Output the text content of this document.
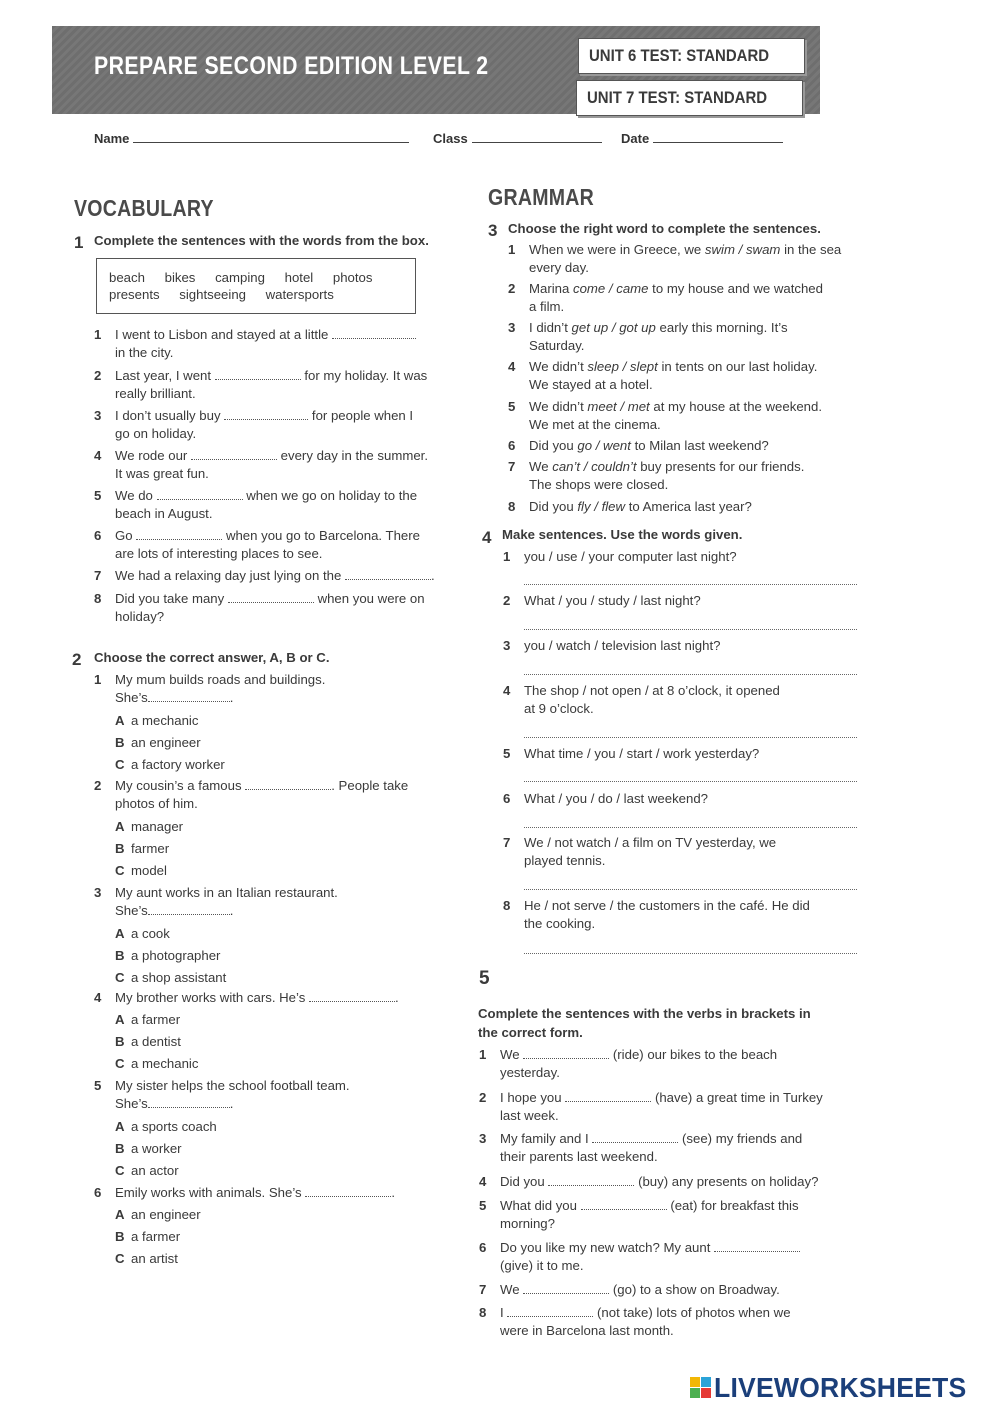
PREPARE SECOND EDITION LEVEL 2	UNIT 6 TEST: STANDARD
UNIT 7 TEST: STANDARD
Name	Class	Date
VOCABULARY
1 Complete the sentences with the words from the box.
beach bikes camping hotel photos
presents sightseeing watersports
1 I went to Lisbon and stayed at a little
in the city.
2 Last year, I went	for my holiday. It was
really brilliant.
3 I don’t usually buy	for people when I
go on holiday.
4 We rode our	every day in the summer.
It was great fun.
5 We do	when we go on holiday to the
beach in August.
6 Go	when you go to Barcelona. There
are lots of interesting places to see.
7 We had a relaxing day just lying on the	.
8 Did you take many	when you were on
holiday?
2 Choose the correct answer, A, B or C.
1 My mum builds roads and buildings.
She’s	.
A a mechanic
B an engineer
C a factory worker
2 My cousin’s a famous	. People take
photos of him.
A manager
B farmer
C model
3 My aunt works in an Italian restaurant.
She’s	.
A a cook
B a photographer
C a shop assistant
4 My brother works with cars. He’s	.
A a farmer
B a dentist
C a mechanic
5 My sister helps the school football team.
She’s	.
A a sports coach
B a worker
C an actor
6 Emily works with animals. She’s	.
A an engineer
B a farmer
C an artist
GRAMMAR
3 Choose the right word to complete the sentences.
1 When we were in Greece, we swim / swam in the sea
every day.
2 Marina come / came to my house and we watched
a film.
3 I didn’t get up / got up early this morning. It’s
Saturday.
4 We didn’t sleep / slept in tents on our last holiday.
We stayed at a hotel.
5 We didn’t meet / met at my house at the weekend.
We met at the cinema.
6 Did you go / went to Milan last weekend?
7 We can’t / couldn’t buy presents for our friends.
The shops were closed.
8 Did you fly / flew to America last year?
4 Make sentences. Use the words given.
1 you / use / your computer last night?
2 What / you / study / last night?
3 you / watch / television last night?
4 The shop / not open / at 8 o’clock, it opened
at 9 o’clock.
5 What time / you / start / work yesterday?
6 What / you / do / last weekend?
7 We / not watch / a film on TV yesterday, we
played tennis.
8 He / not serve / the customers in the café. He did
the cooking.
5
Complete the sentences with the verbs in brackets in
the correct form.
1 We	(ride) our bikes to the beach
yesterday.
2 I hope you	(have) a great time in Turkey
last week.
3 My family and I	(see) my friends and
their parents last weekend.
4 Did you	(buy) any presents on holiday?
5 What did you	(eat) for breakfast this
morning?
6 Do you like my new watch? My aunt
(give) it to me.
7 We	(go) to a show on Broadway.
8 I	(not take) lots of photos when we
were in Barcelona last month.
LIVEWORKSHEETS
